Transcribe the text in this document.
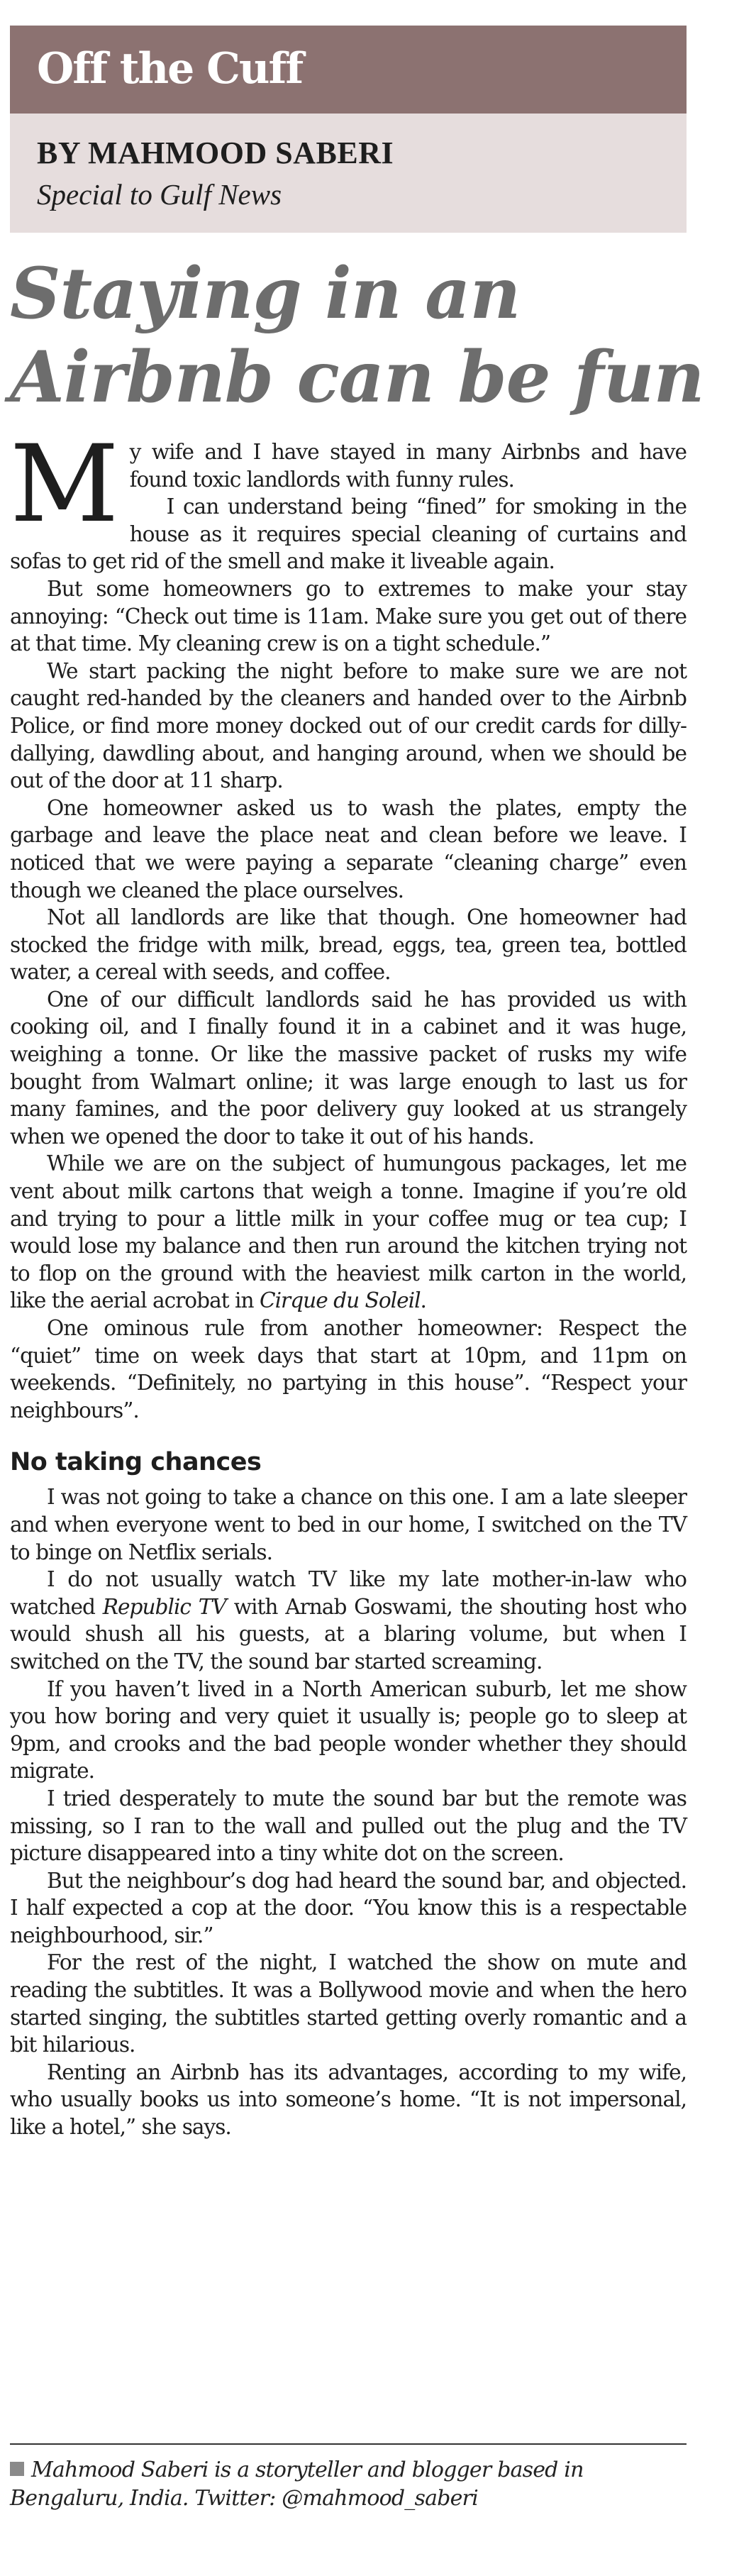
Off the Cuff
BY MAHMOOD SABERI
Special to Gulf News
Staying in an Airbnb can be fun

My wife and I have stayed in many Airbnbs and have found toxic landlords with funny rules.

I can understand being “fined” for smoking in the house as it requires special cleaning of curtains and sofas to get rid of the smell and make it liveable again.

But some homeowners go to extremes to make your stay annoying: “Check out time is 11am. Make sure you get out of there at that time. My cleaning crew is on a tight schedule.”

We start packing the night before to make sure we are not caught red-handed by the cleaners and handed over to the Airbnb Police, or find more money docked out of our credit cards for dilly-dallying, dawdling about, and hanging around, when we should be out of the door at 11 sharp.

One homeowner asked us to wash the plates, empty the garbage and leave the place neat and clean before we leave. I noticed that we were paying a separate “cleaning charge” even though we cleaned the place ourselves.

Not all landlords are like that though. One homeowner had stocked the fridge with milk, bread, eggs, tea, green tea, bottled water, a cereal with seeds, and coffee.

One of our difficult landlords said he has provided us with cooking oil, and I finally found it in a cabinet and it was huge, weighing a tonne. Or like the massive packet of rusks my wife bought from Walmart online; it was large enough to last us for many famines, and the poor delivery guy looked at us strangely when we opened the door to take it out of his hands.

While we are on the subject of humungous packages, let me vent about milk cartons that weigh a tonne. Imagine if you’re old and trying to pour a little milk in your coffee mug or tea cup; I would lose my balance and then run around the kitchen trying not to flop on the ground with the heaviest milk carton in the world, like the aerial acrobat in Cirque du Soleil.

One ominous rule from another homeowner: Respect the “quiet” time on week days that start at 10pm, and 11pm on weekends. “Definitely, no partying in this house”. “Respect your neighbours”.

No taking chances

I was not going to take a chance on this one. I am a late sleeper and when everyone went to bed in our home, I switched on the TV to binge on Netflix serials.

I do not usually watch TV like my late mother-in-law who watched Republic TV with Arnab Goswami, the shouting host who would shush all his guests, at a blaring volume, but when I switched on the TV, the sound bar started screaming.

If you haven’t lived in a North American suburb, let me show you how boring and very quiet it usually is; people go to sleep at 9pm, and crooks and the bad people wonder whether they should migrate.

I tried desperately to mute the sound bar but the remote was missing, so I ran to the wall and pulled out the plug and the TV picture disappeared into a tiny white dot on the screen.

But the neighbour’s dog had heard the sound bar, and objected. I half expected a cop at the door. “You know this is a respectable neighbourhood, sir.”

For the rest of the night, I watched the show on mute and reading the subtitles. It was a Bollywood movie and when the hero started singing, the subtitles started getting overly romantic and a bit hilarious.

Renting an Airbnb has its advantages, according to my wife, who usually books us into someone’s home. “It is not impersonal, like a hotel,” she says.

Mahmood Saberi is a storyteller and blogger based in Bengaluru, India. Twitter: @mahmood_saberi
